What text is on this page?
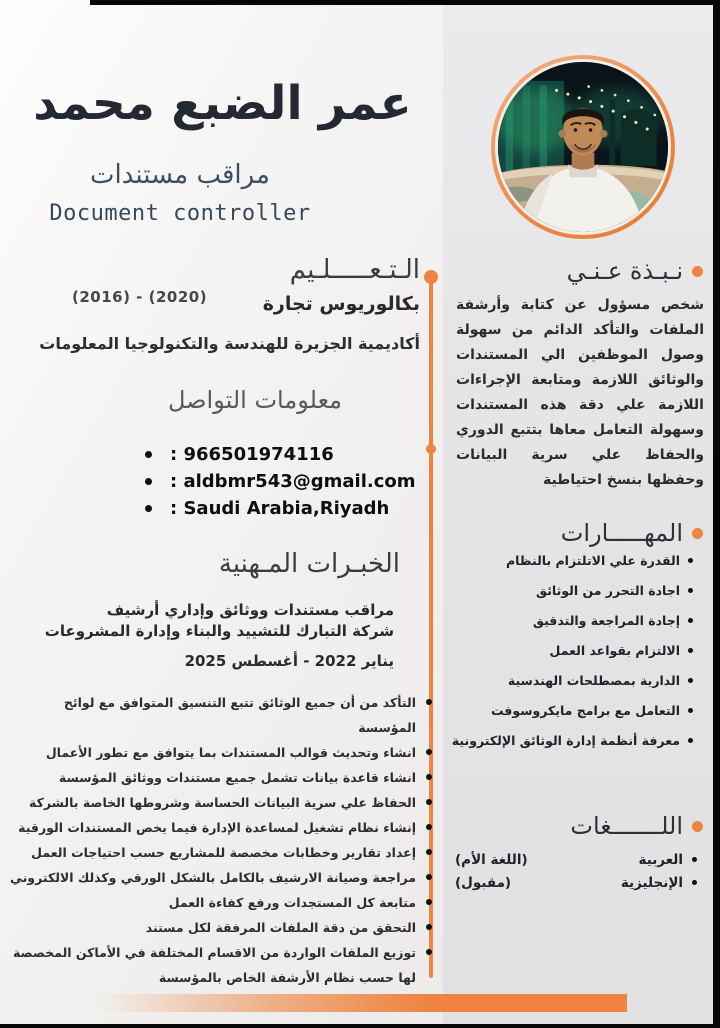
عمر الضبع محمد
مراقب مستندات
Document controller
الـتـعـــــلـيم
بكالوريوس تجارة
(2016) - (2020)
أكاديمية الجزيرة للهندسة والتكنولوجيا المعلومات
معلومات التواصل
: 966501974116
: aldbmr543@gmail.com
: Saudi Arabia,Riyadh
الخبـرات المـهنية
مراقب مستندات ووثائق وإداري أرشيف
شركة التبارك للتشييد والبناء وإدارة المشروعات
يناير 2022 - أغسطس 2025
التأكد من أن جميع الوثائق تتبع التنسيق المتوافق مع لوائح المؤسسة
انشاء وتحديث قوالب المستندات بما يتوافق مع تطور الأعمال
انشاء قاعدة بيانات تشمل جميع مستندات ووثائق المؤسسة
الحفاظ علي سرية البيانات الحساسة وشروطها الخاصة بالشركة
إنشاء نظام تشغيل لمساعدة الإدارة فيما يخص المستندات الورقية
إعداد تقارير وخطابات مخصصة للمشاريع حسب احتياجات العمل
مراجعة وصيانة الارشيف بالكامل بالشكل الورقي وكذلك الالكتروني
متابعة كل المستجدات ورفع كفاءة العمل
التحقق من دقة الملفات المرفقة لكل مستند
توزيع الملفات الواردة من الاقسام المختلفة في الأماكن المخصصة لها حسب نظام الأرشفة الخاص بالمؤسسة
نـبـذة عـنـي
شخص مسؤول عن كتابة وأرشفة الملفات والتأكد الدائم من سهولة وصول الموظفين الي المستندات والوثائق اللازمة ومتابعة الإجراءات اللازمة علي دقة هذه المستندات وسهولة التعامل معاها بتتبع الدوري والحفاظ علي سرية البيانات وحفظها بنسخ احتياطية
المهـــــارات
القدرة علي الاتلتزام بالنظام
اجادة التحرر من الوثائق
إجادة المراجعة والتدقيق
الالتزام بقواعد العمل
الدارية بمصطلحات الهندسية
التعامل مع برامج مايكروسوفت
معرفة أنظمة إدارة الوثائق الإلكترونية
اللـــــــغات
العربية
(اللغة الأم)
الإنجليزية
(مقبول)
